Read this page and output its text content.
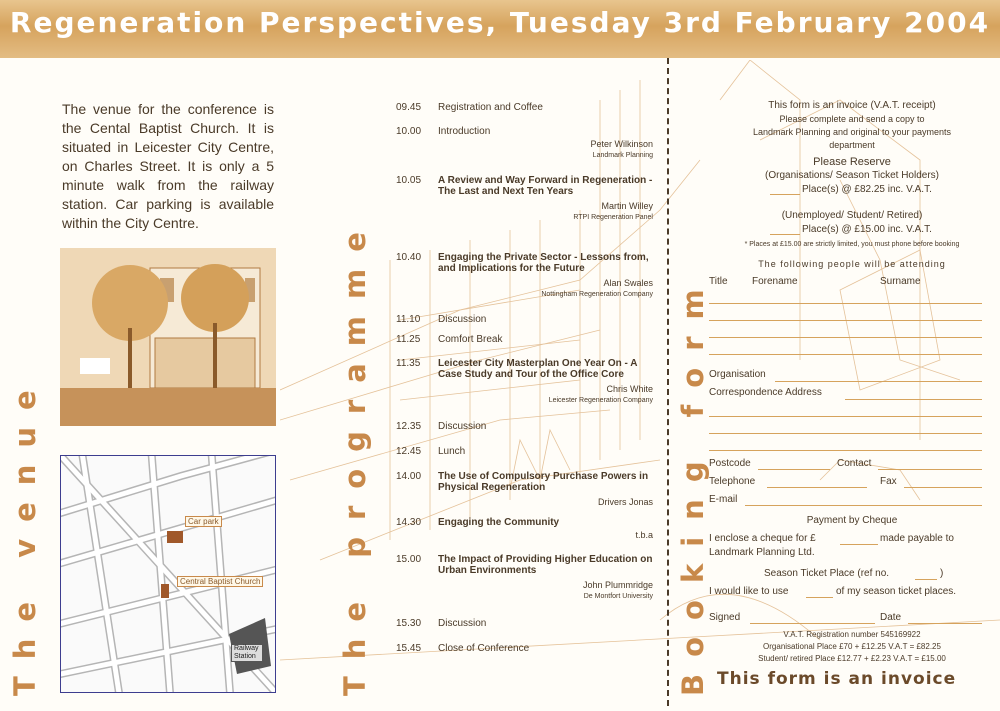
Regeneration Perspectives, Tuesday 3rd February 2004
The venue	The programme	Booking form
The venue for the conference is the Cental Baptist Church. It is situated in Leicester City Centre, on Charles Street. It is only a 5 minute walk from the railway station. Car parking is available within the City Centre.
Car park
Central Baptist Church
Railway Station
09.45	Registration and Coffee
10.00	Introduction
Peter Wilkinson
Landmark Planning
10.05	A Review and Way Forward in Regeneration - The Last and Next Ten Years
Martin Willey
RTPI Regeneration Panel
10.40	Engaging the Private Sector - Lessons from, and Implications for the Future
Alan Swales
Nottingham Regeneration Company
11.10	Discussion
11.25	Comfort Break
11.35	Leicester City Masterplan One Year On - A Case Study and Tour of the Office Core
Chris White
Leicester Regeneration Company
12.35	Discussion
12.45	Lunch
14.00	The Use of Compulsory Purchase Powers in Physical Regeneration
Drivers Jonas
14.30	Engaging the Community
t.b.a
15.00	The Impact of Providing Higher Education on Urban Environments
John Plummridge
De Montfort University
15.30	Discussion
15.45	Close of Conference
This form is an invoice (V.A.T. receipt)
Please complete and send a copy to
Landmark Planning and original to your payments
department
Please Reserve
(Organisations/ Season Ticket Holders)
Place(s) @ £82.25 inc. V.A.T.
(Unemployed/ Student/ Retired)
Place(s) @ £15.00 inc. V.A.T.
* Places at £15.00 are strictly limited, you must phone before booking
The following people will be attending
Title Forename	Surname
Organisation
Correspondence Address
Postcode	Contact
Telephone	Fax
E-mail
Payment by Cheque
I enclose a cheque for £	made payable to
Landmark Planning Ltd.
Season Ticket Place (ref no.	)
I would like to use	of my season ticket places.
Signed	Date
V.A.T. Registration number 545169922
Organisational Place £70 + £12.25 V.A.T = £82.25
Student/ retired Place £12.77 + £2.23 V.A.T = £15.00
This form is an invoice
